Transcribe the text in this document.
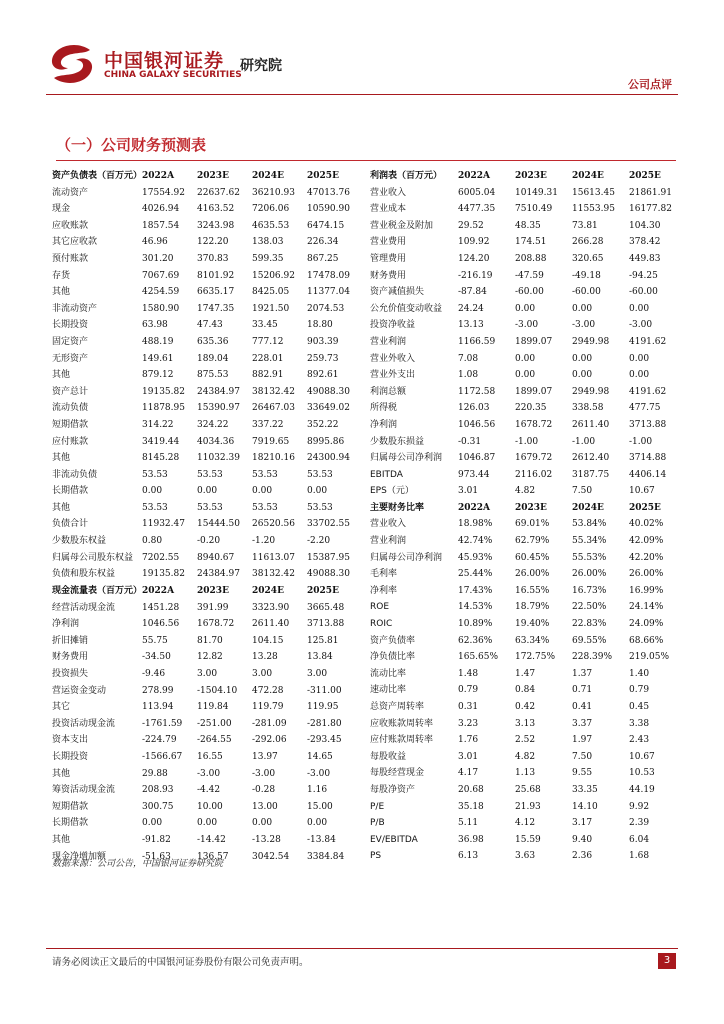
中国银河证券
CHINA GALAXY SECURITIES
研究院
公司点评
（一）公司财务预测表
资产负债表（百万元）	2022A	2023E	2024E	2025E
流动资产	17554.92	22637.62	36210.93	47013.76
现金	4026.94	4163.52	7206.06	10590.90
应收账款	1857.54	3243.98	4635.53	6474.15
其它应收款	46.96	122.20	138.03	226.34
预付账款	301.20	370.83	599.35	867.25
存货	7067.69	8101.92	15206.92	17478.09
其他	4254.59	6635.17	8425.05	11377.04
非流动资产	1580.90	1747.35	1921.50	2074.53
长期投资	63.98	47.43	33.45	18.80
固定资产	488.19	635.36	777.12	903.39
无形资产	149.61	189.04	228.01	259.73
其他	879.12	875.53	882.91	892.61
资产总计	19135.82	24384.97	38132.42	49088.30
流动负债	11878.95	15390.97	26467.03	33649.02
短期借款	314.22	324.22	337.22	352.22
应付账款	3419.44	4034.36	7919.65	8995.86
其他	8145.28	11032.39	18210.16	24300.94
非流动负债	53.53	53.53	53.53	53.53
长期借款	0.00	0.00	0.00	0.00
其他	53.53	53.53	53.53	53.53
负债合计	11932.47	15444.50	26520.56	33702.55
少数股东权益	0.80	-0.20	-1.20	-2.20
归属母公司股东权益	7202.55	8940.67	11613.07	15387.95
负债和股东权益	19135.82	24384.97	38132.42	49088.30
现金流量表（百万元）	2022A	2023E	2024E	2025E
经营活动现金流	1451.28	391.99	3323.90	3665.48
净利润	1046.56	1678.72	2611.40	3713.88
折旧摊销	55.75	81.70	104.15	125.81
财务费用	-34.50	12.82	13.28	13.84
投资损失	-9.46	3.00	3.00	3.00
营运资金变动	278.99	-1504.10	472.28	-311.00
其它	113.94	119.84	119.79	119.95
投资活动现金流	-1761.59	-251.00	-281.09	-281.80
资本支出	-224.79	-264.55	-292.06	-293.45
长期投资	-1566.67	16.55	13.97	14.65
其他	29.88	-3.00	-3.00	-3.00
筹资活动现金流	208.93	-4.42	-0.28	1.16
短期借款	300.75	10.00	13.00	15.00
长期借款	0.00	0.00	0.00	0.00
其他	-91.82	-14.42	-13.28	-13.84
现金净增加额	-51.63	136.57	3042.54	3384.84
利润表（百万元）	2022A	2023E	2024E	2025E
营业收入	6005.04	10149.31	15613.45	21861.91
营业成本	4477.35	7510.49	11553.95	16177.82
营业税金及附加	29.52	48.35	73.81	104.30
营业费用	109.92	174.51	266.28	378.42
管理费用	124.20	208.88	320.65	449.83
财务费用	-216.19	-47.59	-49.18	-94.25
资产减值损失	-87.84	-60.00	-60.00	-60.00
公允价值变动收益	24.24	0.00	0.00	0.00
投资净收益	13.13	-3.00	-3.00	-3.00
营业利润	1166.59	1899.07	2949.98	4191.62
营业外收入	7.08	0.00	0.00	0.00
营业外支出	1.08	0.00	0.00	0.00
利润总额	1172.58	1899.07	2949.98	4191.62
所得税	126.03	220.35	338.58	477.75
净利润	1046.56	1678.72	2611.40	3713.88
少数股东损益	-0.31	-1.00	-1.00	-1.00
归属母公司净利润	1046.87	1679.72	2612.40	3714.88
EBITDA	973.44	2116.02	3187.75	4406.14
EPS（元）	3.01	4.82	7.50	10.67
主要财务比率	2022A	2023E	2024E	2025E
营业收入	18.98%	69.01%	53.84%	40.02%
营业利润	42.74%	62.79%	55.34%	42.09%
归属母公司净利润	45.93%	60.45%	55.53%	42.20%
毛利率	25.44%	26.00%	26.00%	26.00%
净利率	17.43%	16.55%	16.73%	16.99%
ROE	14.53%	18.79%	22.50%	24.14%
ROIC	10.89%	19.40%	22.83%	24.09%
资产负债率	62.36%	63.34%	69.55%	68.66%
净负债比率	165.65%	172.75%	228.39%	219.05%
流动比率	1.48	1.47	1.37	1.40
速动比率	0.79	0.84	0.71	0.79
总资产周转率	0.31	0.42	0.41	0.45
应收账款周转率	3.23	3.13	3.37	3.38
应付账款周转率	1.76	2.52	1.97	2.43
每股收益	3.01	4.82	7.50	10.67
每股经营现金	4.17	1.13	9.55	10.53
每股净资产	20.68	25.68	33.35	44.19
P/E	35.18	21.93	14.10	9.92
P/B	5.11	4.12	3.17	2.39
EV/EBITDA	36.98	15.59	9.40	6.04
PS	6.13	3.63	2.36	1.68
数据来源：公司公告，中国银河证券研究院
请务必阅读正文最后的中国银河证券股份有限公司免责声明。	3
